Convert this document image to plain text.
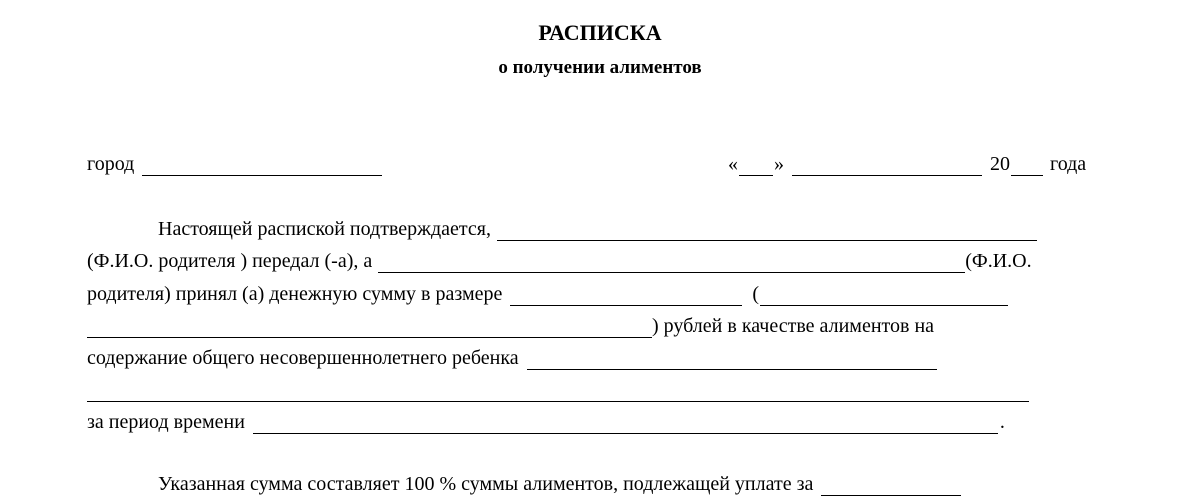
РАСПИСКА
о получении алиментов
город	« »	20 года
Настоящей распиской подтверждается,
(Ф.И.О. родителя ) передал (-а), а	(Ф.И.О.
родителя) принял (а) денежную сумму в размере	(
) рублей в качестве алиментов на
содержание общего несовершеннолетнего ребенка
за период времени	.
Указанная сумма составляет 100 % суммы алиментов, подлежащей уплате за
